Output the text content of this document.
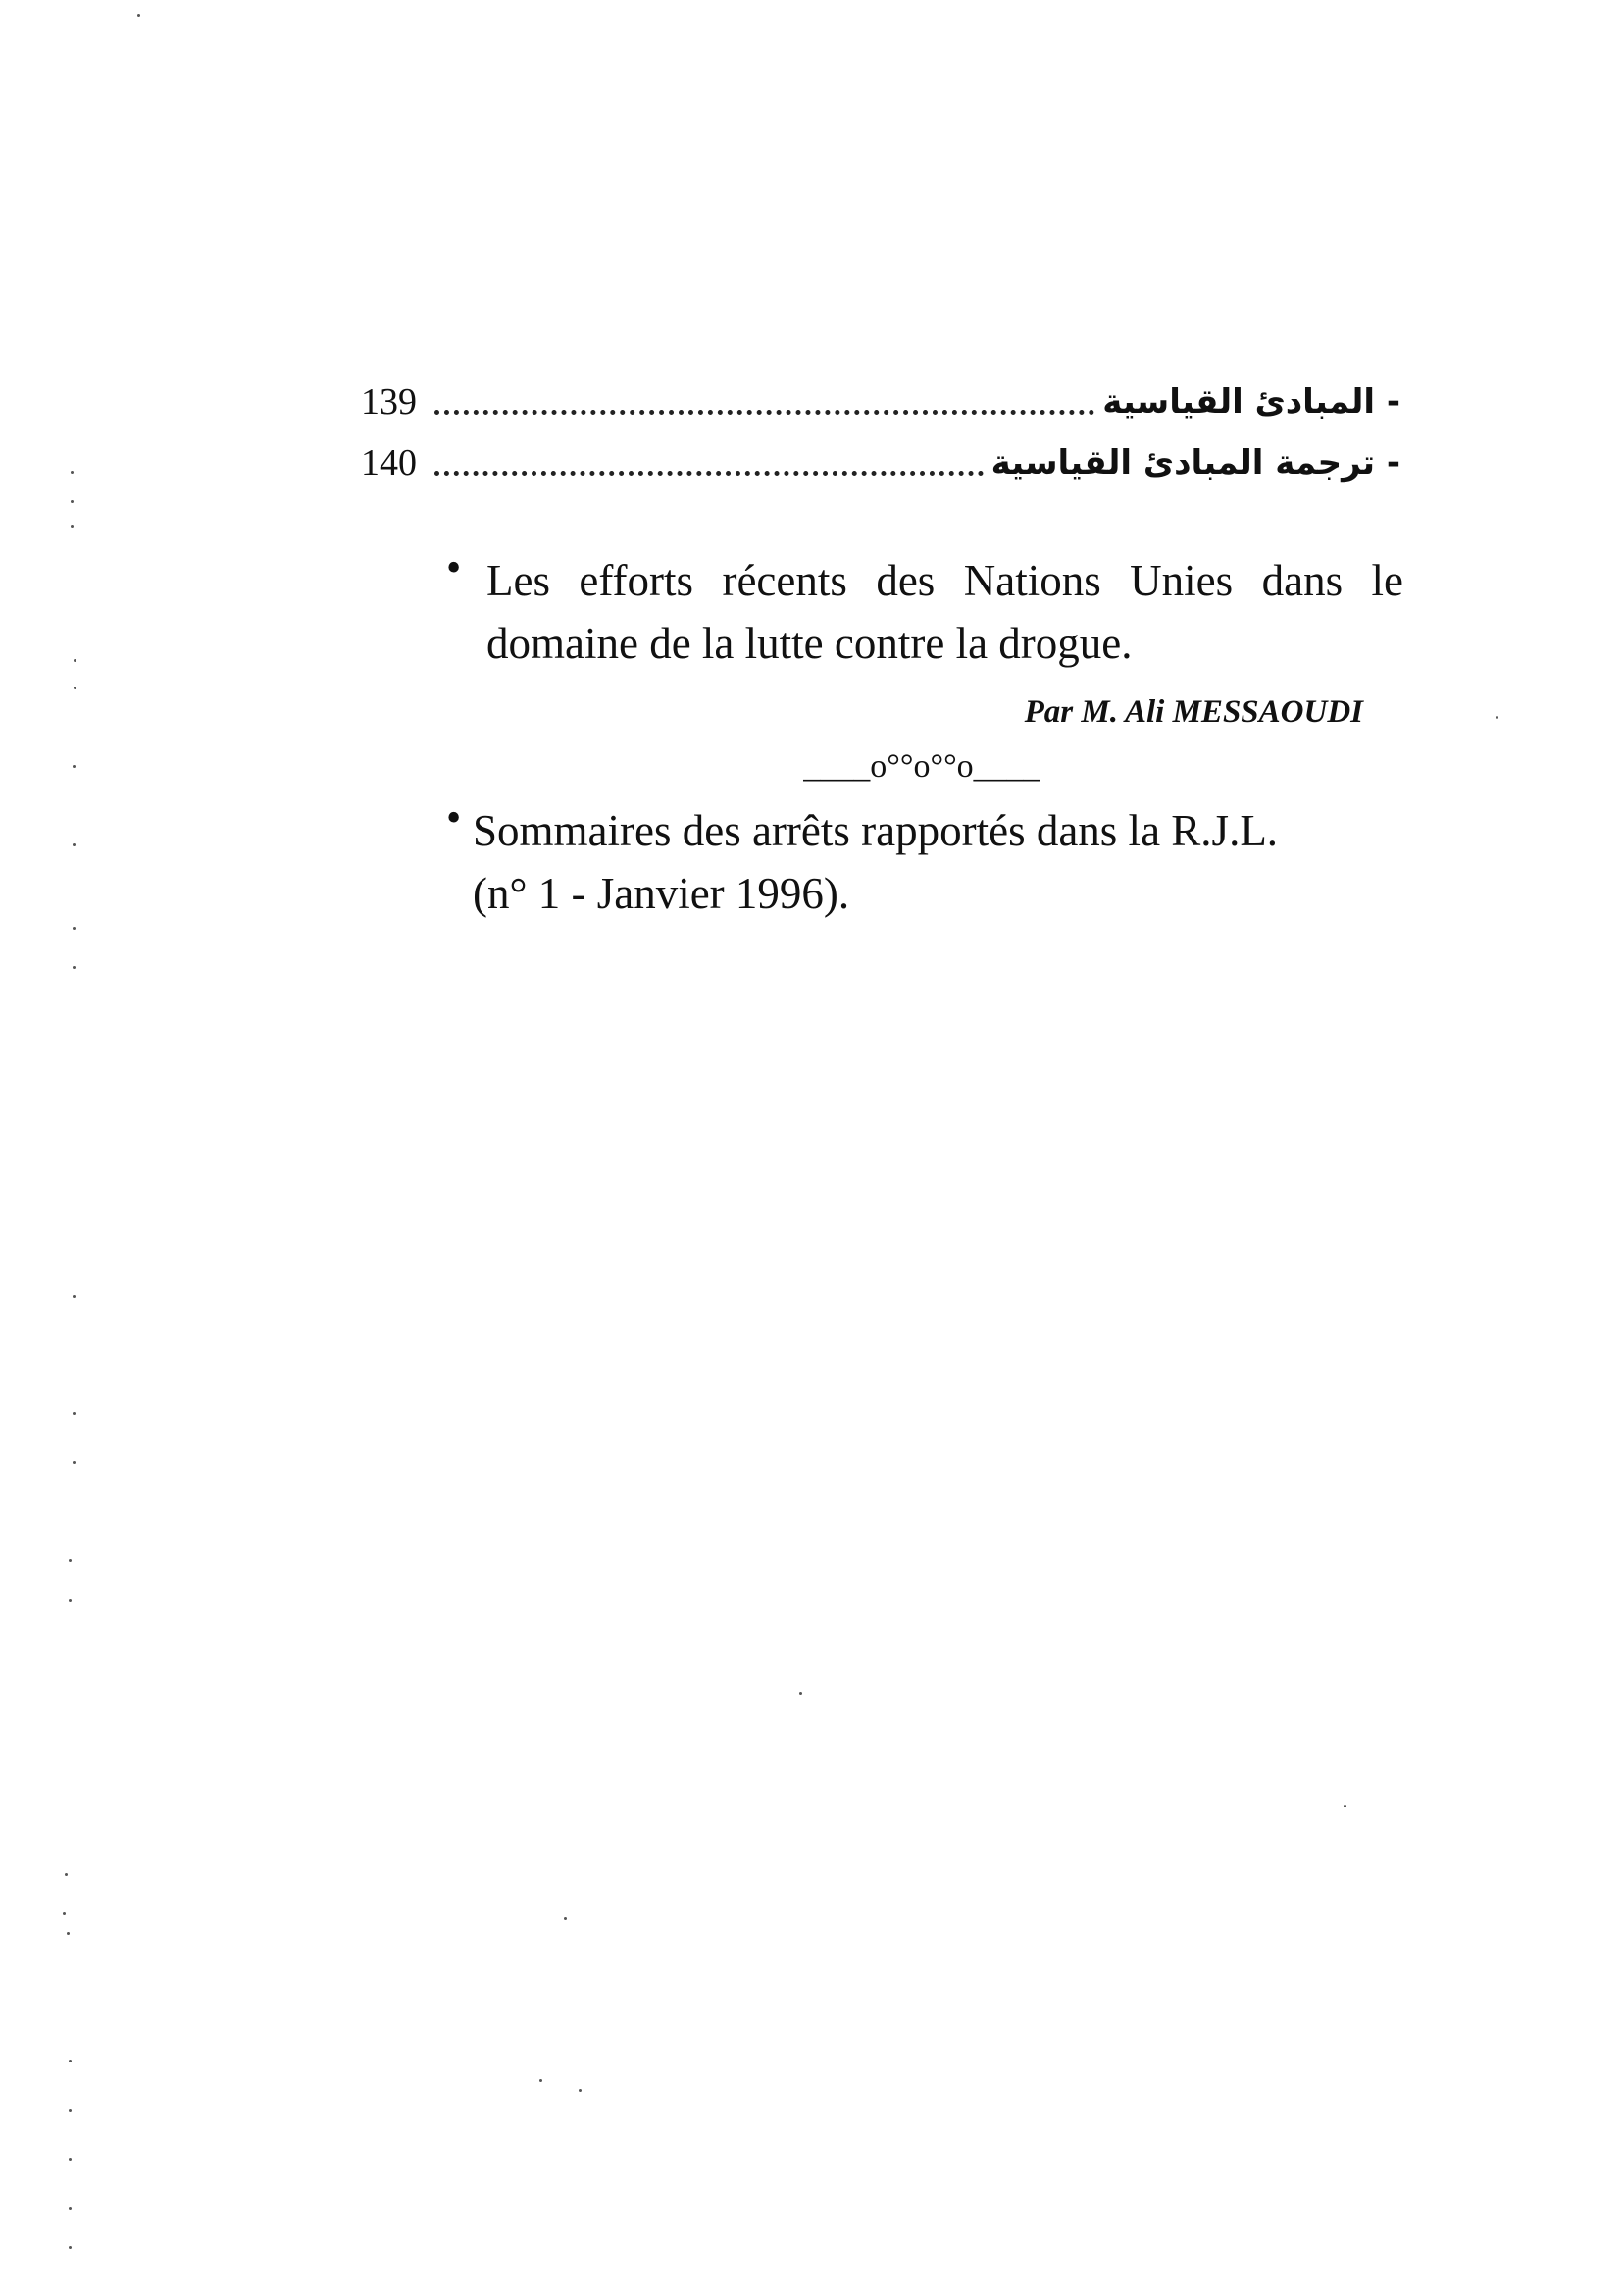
139	- المبادئ القياسية
140	- ترجمة المبادئ القياسية
• Les efforts récents des Nations Unies dans le
domaine de la lutte contre la drogue.
Par M. Ali MESSAOUDI
____o°°o°°o____
• Sommaires des arrêts rapportés dans la R.J.L.
(n° 1 - Janvier 1996).
